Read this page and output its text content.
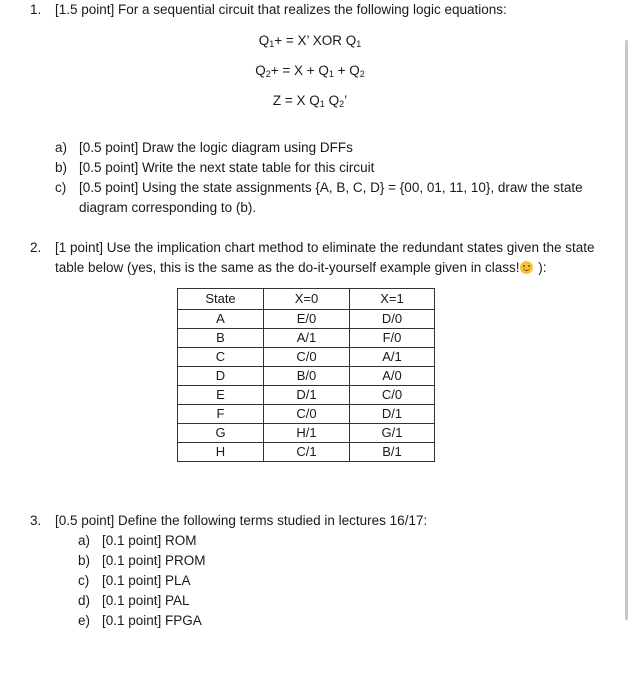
1.	[1.5 point] For a sequential circuit that realizes the following logic equations:
$Q_1+ = X$’ XOR $Q_1$
$Q_2+ = X + Q_1 + Q_2$
Z = X $Q_1$ $Q_2$’
a) [0.5 point] Draw the logic diagram using DFFs
b) [0.5 point] Write the next state table for this circuit
c) [0.5 point] Using the state assignments {A, B, C, D} = {00, 01, 11, 10}, draw the state diagram corresponding to (b).
2.	[1 point] Use the implication chart method to eliminate the redundant states given the state table below (yes, this is the same as the do-it-yourself example given in class! ):
State	X=0	X=1
A	E/0	D/0
B	A/1	F/0
C	C/0	A/1
D	B/0	A/0
E	D/1	C/0
F	C/0	D/1
G	H/1	G/1
H	C/1	B/1
3.	[0.5 point] Define the following terms studied in lectures 16/17:
a) [0.1 point] ROM
b) [0.1 point] PROM
c) [0.1 point] PLA
d) [0.1 point] PAL
e) [0.1 point] FPGA
